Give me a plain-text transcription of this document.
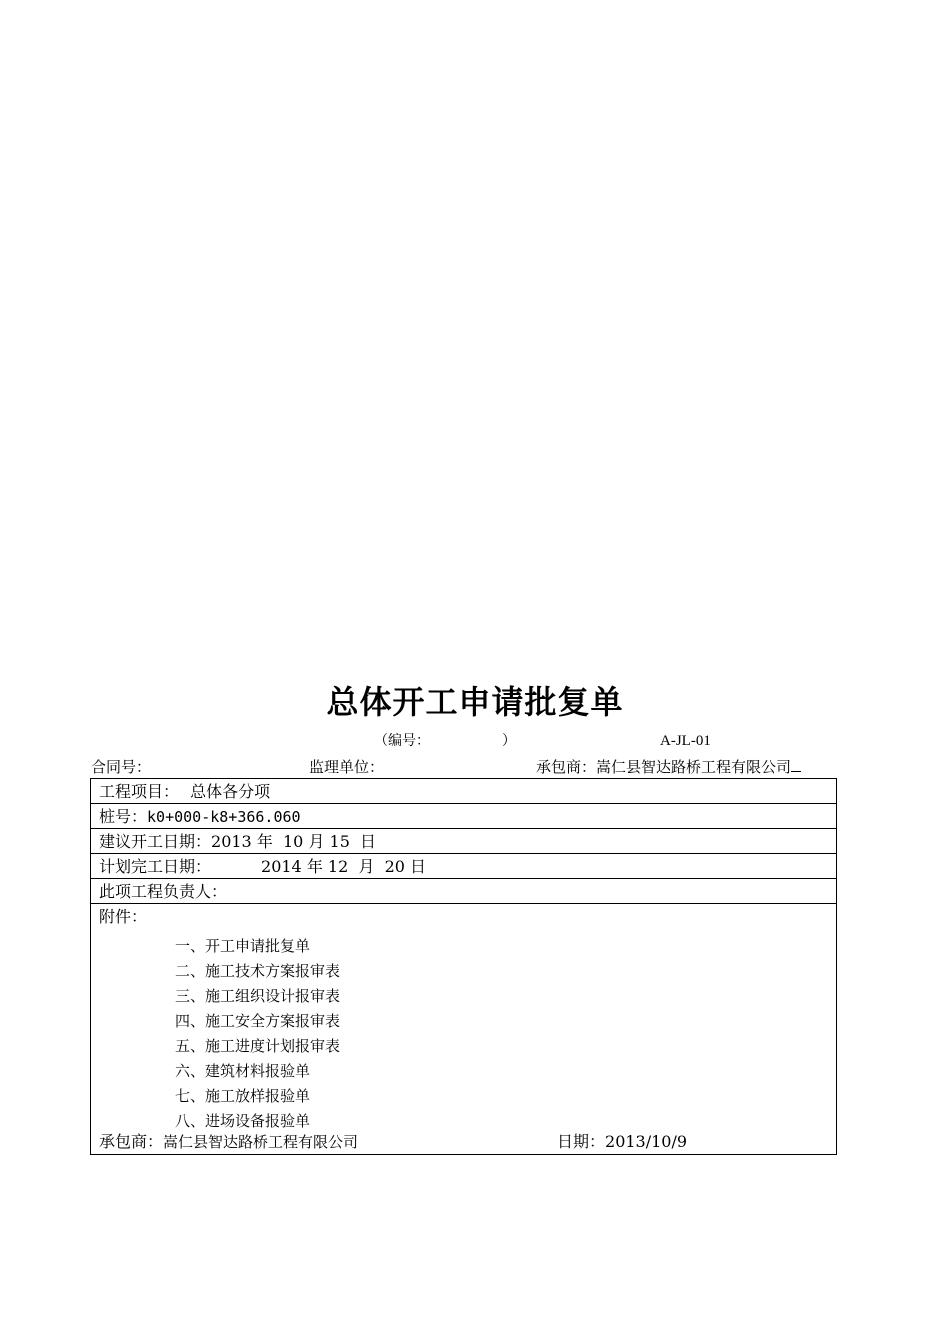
总体开工申请批复单
（编号：	）	A-JL-01
合同号：	监理单位：	承包商：嵩仁县智达路桥工程有限公司
工程项目： 总体各分项
桩号：k0+000-k8+366.060
建议开工日期：2013 年  10 月 15  日
计划完工日期：	2014 年 12  月  20 日
此项工程负责人：
附件：
一、开工申请批复单
二、施工技术方案报审表
三、施工组织设计报审表
四、施工安全方案报审表
五、施工进度计划报审表
六、建筑材料报验单
七、施工放样报验单
八、进场设备报验单
承包商：嵩仁县智达路桥工程有限公司	日期：2013/10/9
